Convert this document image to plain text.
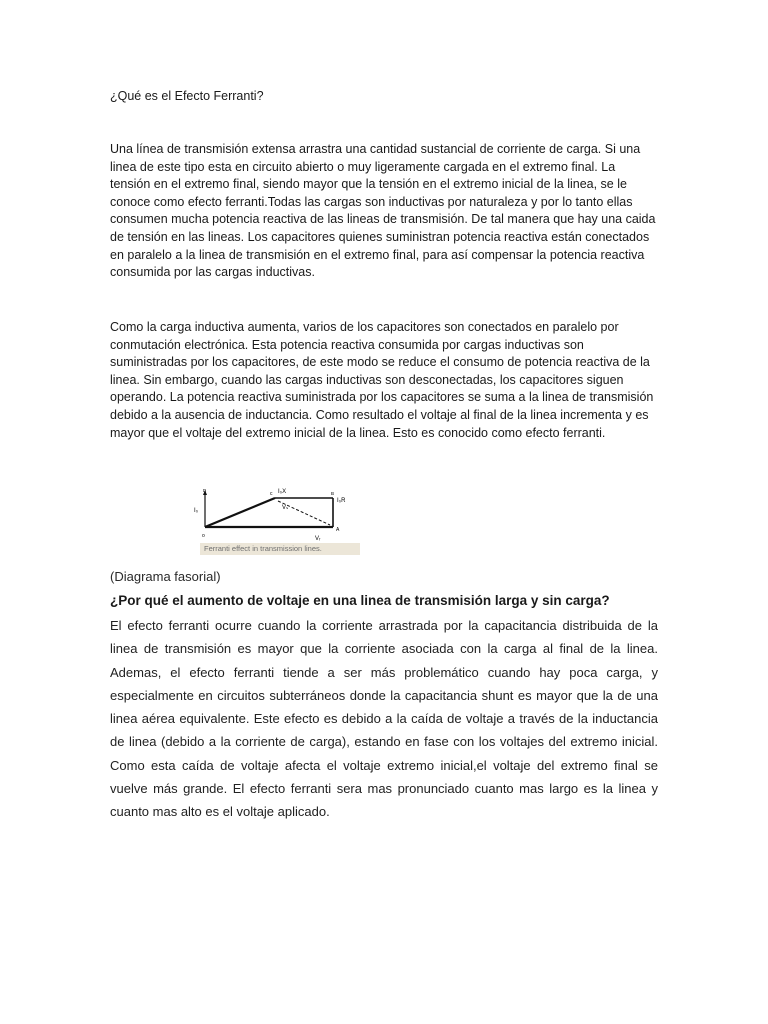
¿Qué es el Efecto Ferranti?

Una línea de transmisión extensa arrastra una cantidad sustancial de corriente de carga. Si una linea de este tipo esta en circuito abierto o muy ligeramente cargada en el extremo final. La tensión en el extremo final, siendo mayor que la tensión en el extremo inicial de la linea, se le conoce como efecto ferranti.Todas las cargas son inductivas por naturaleza y por lo tanto ellas consumen mucha potencia reactiva de las lineas de transmisión. De tal manera que hay una caida de tensión en las lineas. Los capacitores quienes suministran potencia reactiva están conectados en paralelo a la linea de transmisión en el extremo final, para así compensar la potencia reactiva consumida por las cargas inductivas.

Como la carga inductiva aumenta, varios de los capacitores son conectados en paralelo por conmutación electrónica. Esta potencia reactiva consumida por cargas inductivas son suministradas por los capacitores, de este modo se reduce el consumo de potencia reactiva de la linea. Sin embargo, cuando las cargas inductivas son desconectadas, los capacitores siguen operando. La potencia reactiva suministrada por los capacitores se suma a la linea de transmisión debido a la ausencia de inductancia. Como resultado el voltaje al final de la linea incrementa y es mayor que el voltaje del extremo inicial de la linea. Esto es conocido como efecto ferranti.

D
I₀
o
c I₀X
I₀R
B
Vₛ
A
Vᵣ
Ferranti effect in transmission lines.

(Diagrama fasorial)

¿Por qué el aumento de voltaje en una linea de transmisión larga y sin carga?

El efecto ferranti ocurre cuando la corriente arrastrada por la capacitancia distribuida de la linea de transmisión es mayor que la corriente asociada con la carga al final de la linea. Ademas, el efecto ferranti tiende a ser más problemático cuando hay poca carga, y especialmente en circuitos subterráneos donde la capacitancia shunt es mayor que la de una linea aérea equivalente. Este efecto es debido a la caída de voltaje a través de la inductancia de linea (debido a la corriente de carga), estando en fase con los voltajes del extremo inicial. Como esta caída de voltaje afecta el voltaje extremo inicial,el voltaje del extremo final se vuelve más grande. El efecto ferranti sera mas pronunciado cuanto mas largo es la linea y cuanto mas alto es el voltaje aplicado.
